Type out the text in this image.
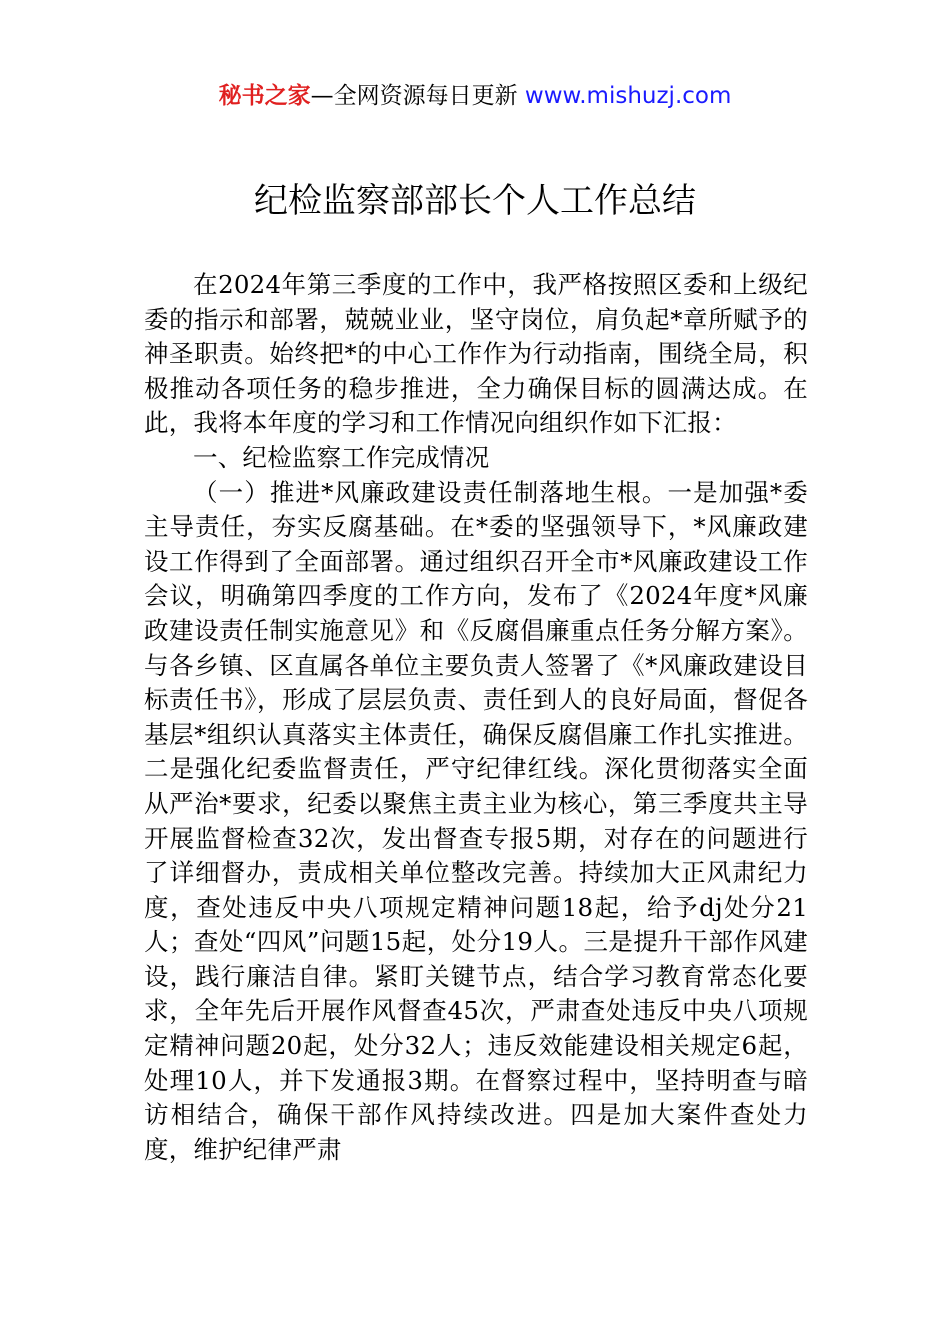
秘书之家—全网资源每日更新 www.mishuzj.com
纪检监察部部长个人工作总结

在2024年第三季度的工作中，我严格按照区委和上级纪委的指示和部署，兢兢业业，坚守岗位，肩负起*章所赋予的神圣职责。始终把*的中心工作作为行动指南，围绕全局，积极推动各项任务的稳步推进，全力确保目标的圆满达成。在此，我将本年度的学习和工作情况向组织作如下汇报：

一、纪检监察工作完成情况

（一）推进*风廉政建设责任制落地生根。一是加强*委主导责任，夯实反腐基础。在*委的坚强领导下，*风廉政建设工作得到了全面部署。通过组织召开全市*风廉政建设工作会议，明确第四季度的工作方向，发布了《2024年度*风廉政建设责任制实施意见》和《反腐倡廉重点任务分解方案》。与各乡镇、区直属各单位主要负责人签署了《*风廉政建设目标责任书》，形成了层层负责、责任到人的良好局面，督促各基层*组织认真落实主体责任，确保反腐倡廉工作扎实推进。二是强化纪委监督责任，严守纪律红线。深化贯彻落实全面从严治*要求，纪委以聚焦主责主业为核心，第三季度共主导开展监督检查32次，发出督查专报5期，对存在的问题进行了详细督办，责成相关单位整改完善。持续加大正风肃纪力度，查处违反中央八项规定精神问题18起，给予dj处分21人；查处“四风”问题15起，处分19人。三是提升干部作风建设，践行廉洁自律。紧盯关键节点，结合学习教育常态化要求，全年先后开展作风督查45次，严肃查处违反中央八项规定精神问题20起，处分32人；违反效能建设相关规定6起，处理10人，并下发通报3期。在督察过程中，坚持明查与暗访相结合，确保干部作风持续改进。四是加大案件查处力度，维护纪律严肃
